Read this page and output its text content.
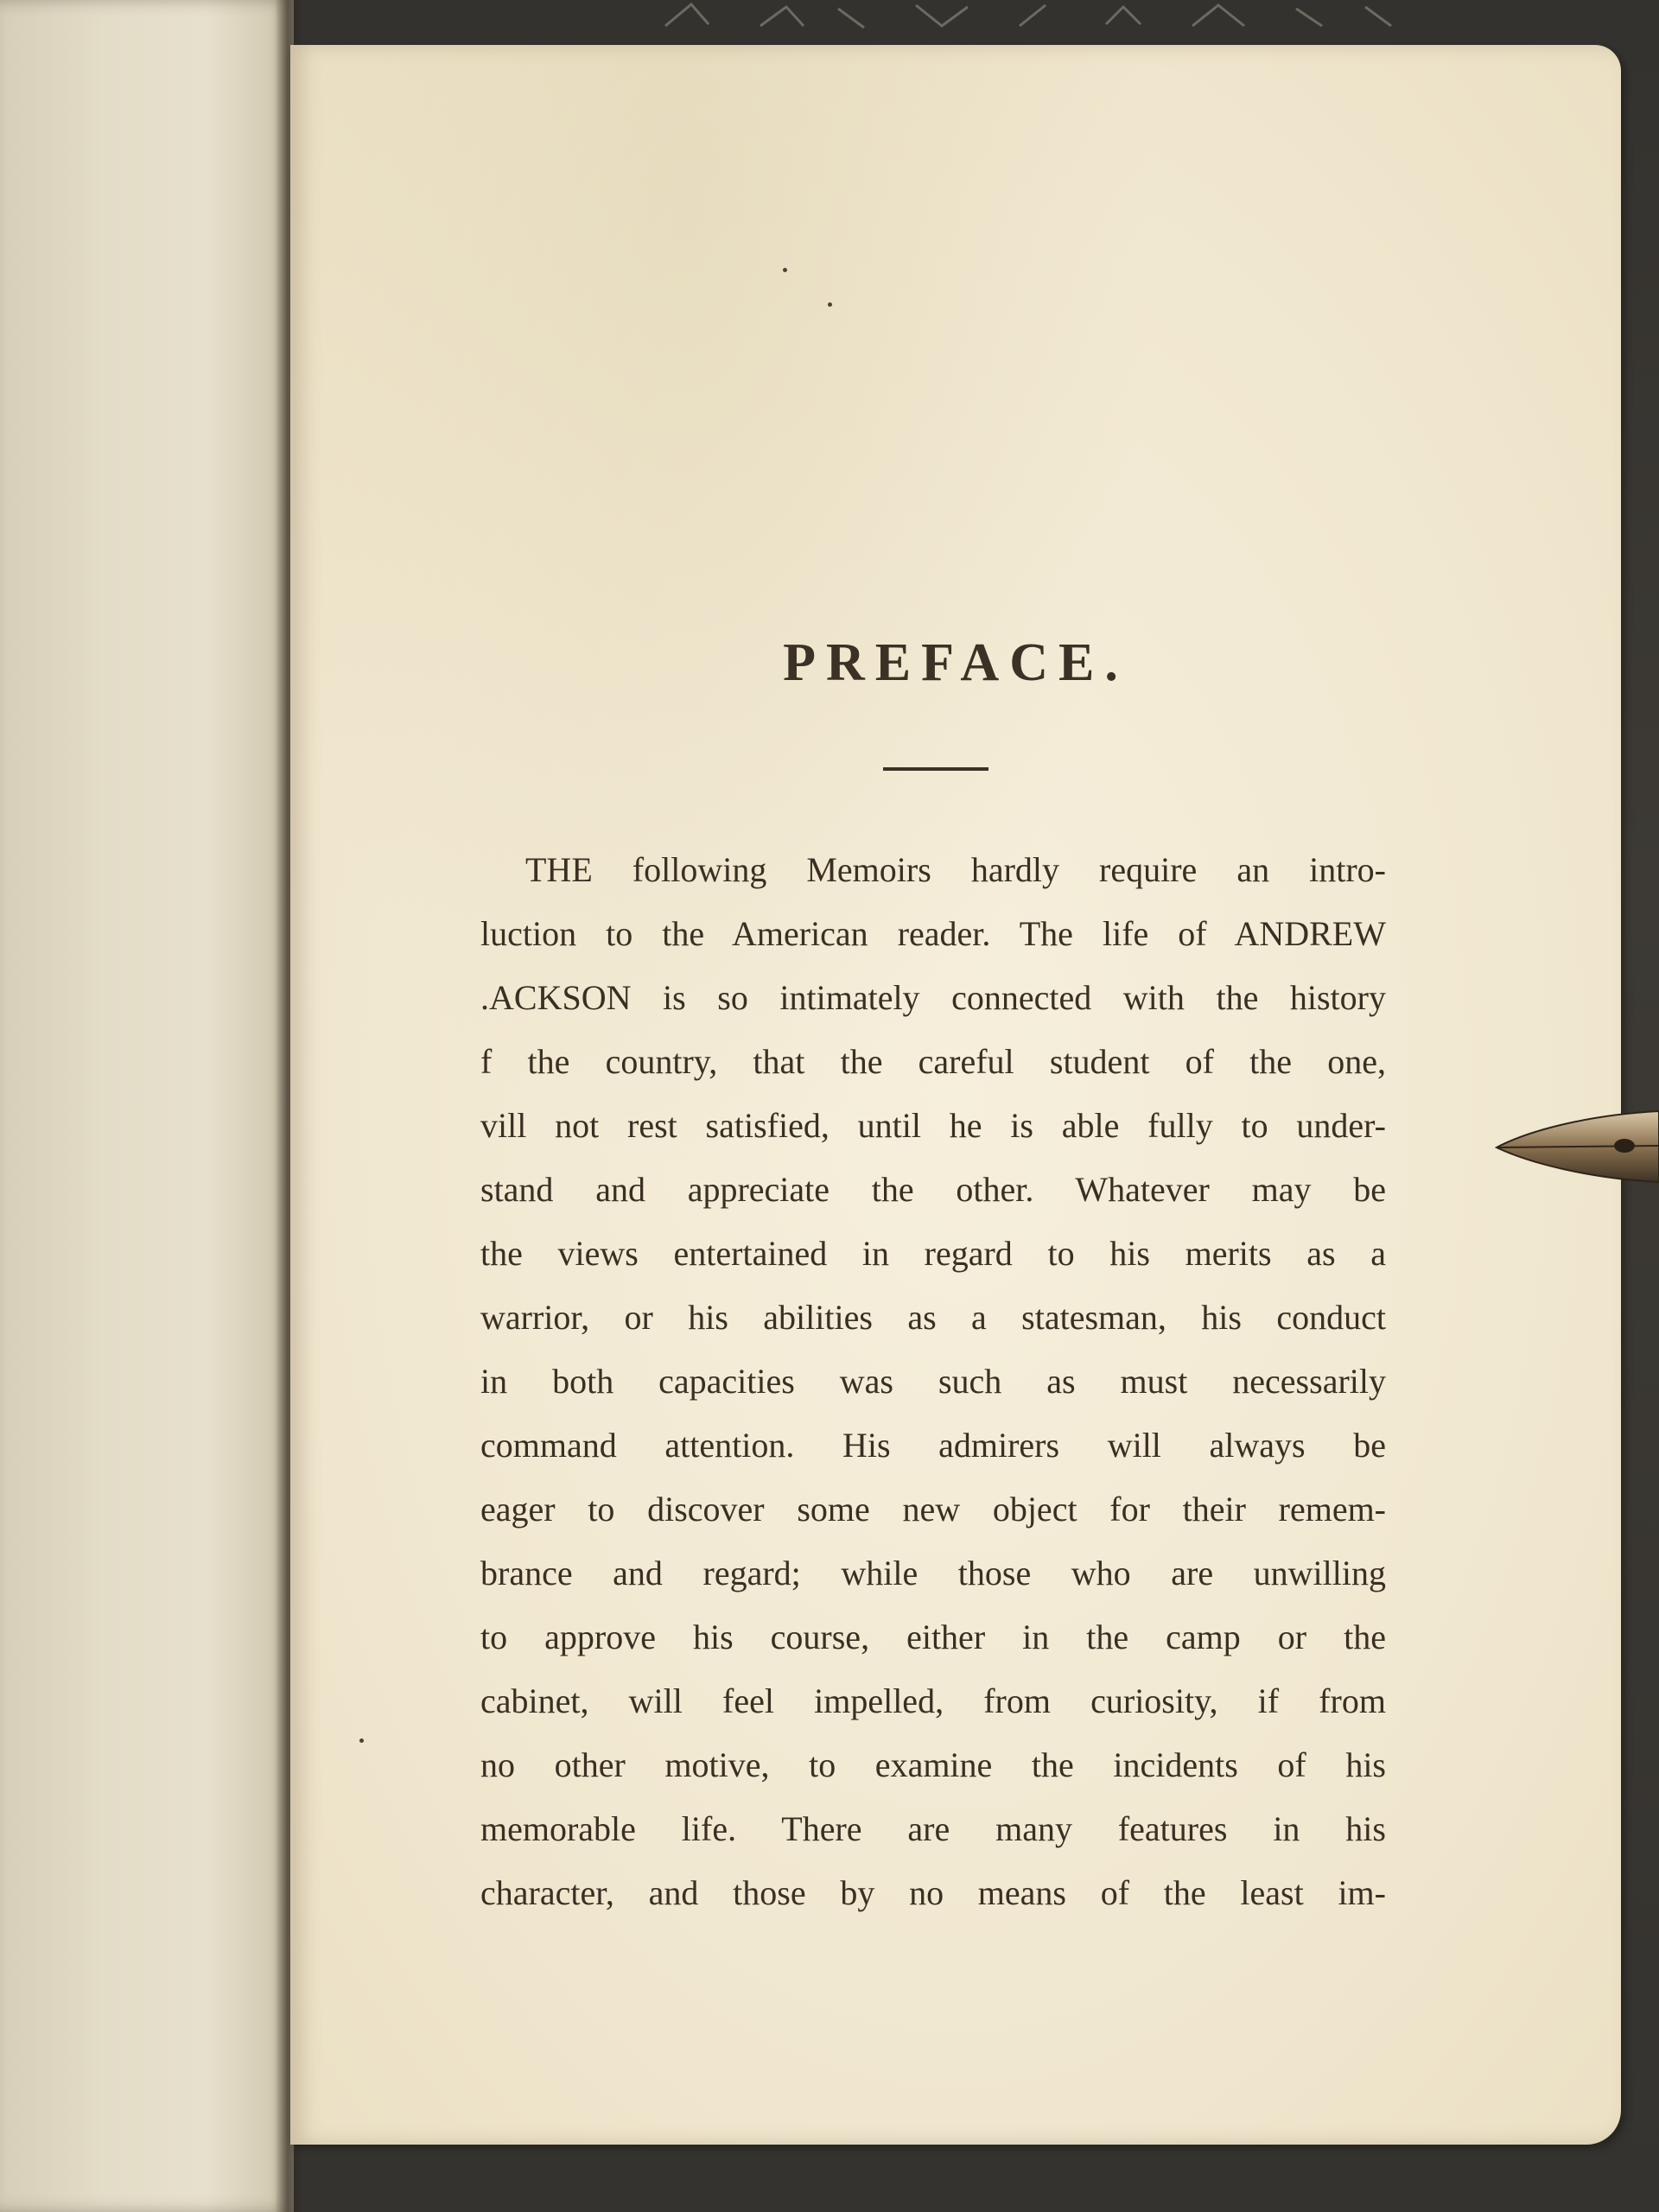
PREFACE.
THE following Memoirs hardly require an intro-
luction to the American reader. The life of ANDREW
.ACKSON is so intimately connected with the history
f the country, that the careful student of the one,
vill not rest satisfied, until he is able fully to under-
stand and appreciate the other. Whatever may be
the views entertained in regard to his merits as a
warrior, or his abilities as a statesman, his conduct
in both capacities was such as must necessarily
command attention. His admirers will always be
eager to discover some new object for their remem-
brance and regard; while those who are unwilling
to approve his course, either in the camp or the
cabinet, will feel impelled, from curiosity, if from
no other motive, to examine the incidents of his
memorable life. There are many features in his
character, and those by no means of the least im-
